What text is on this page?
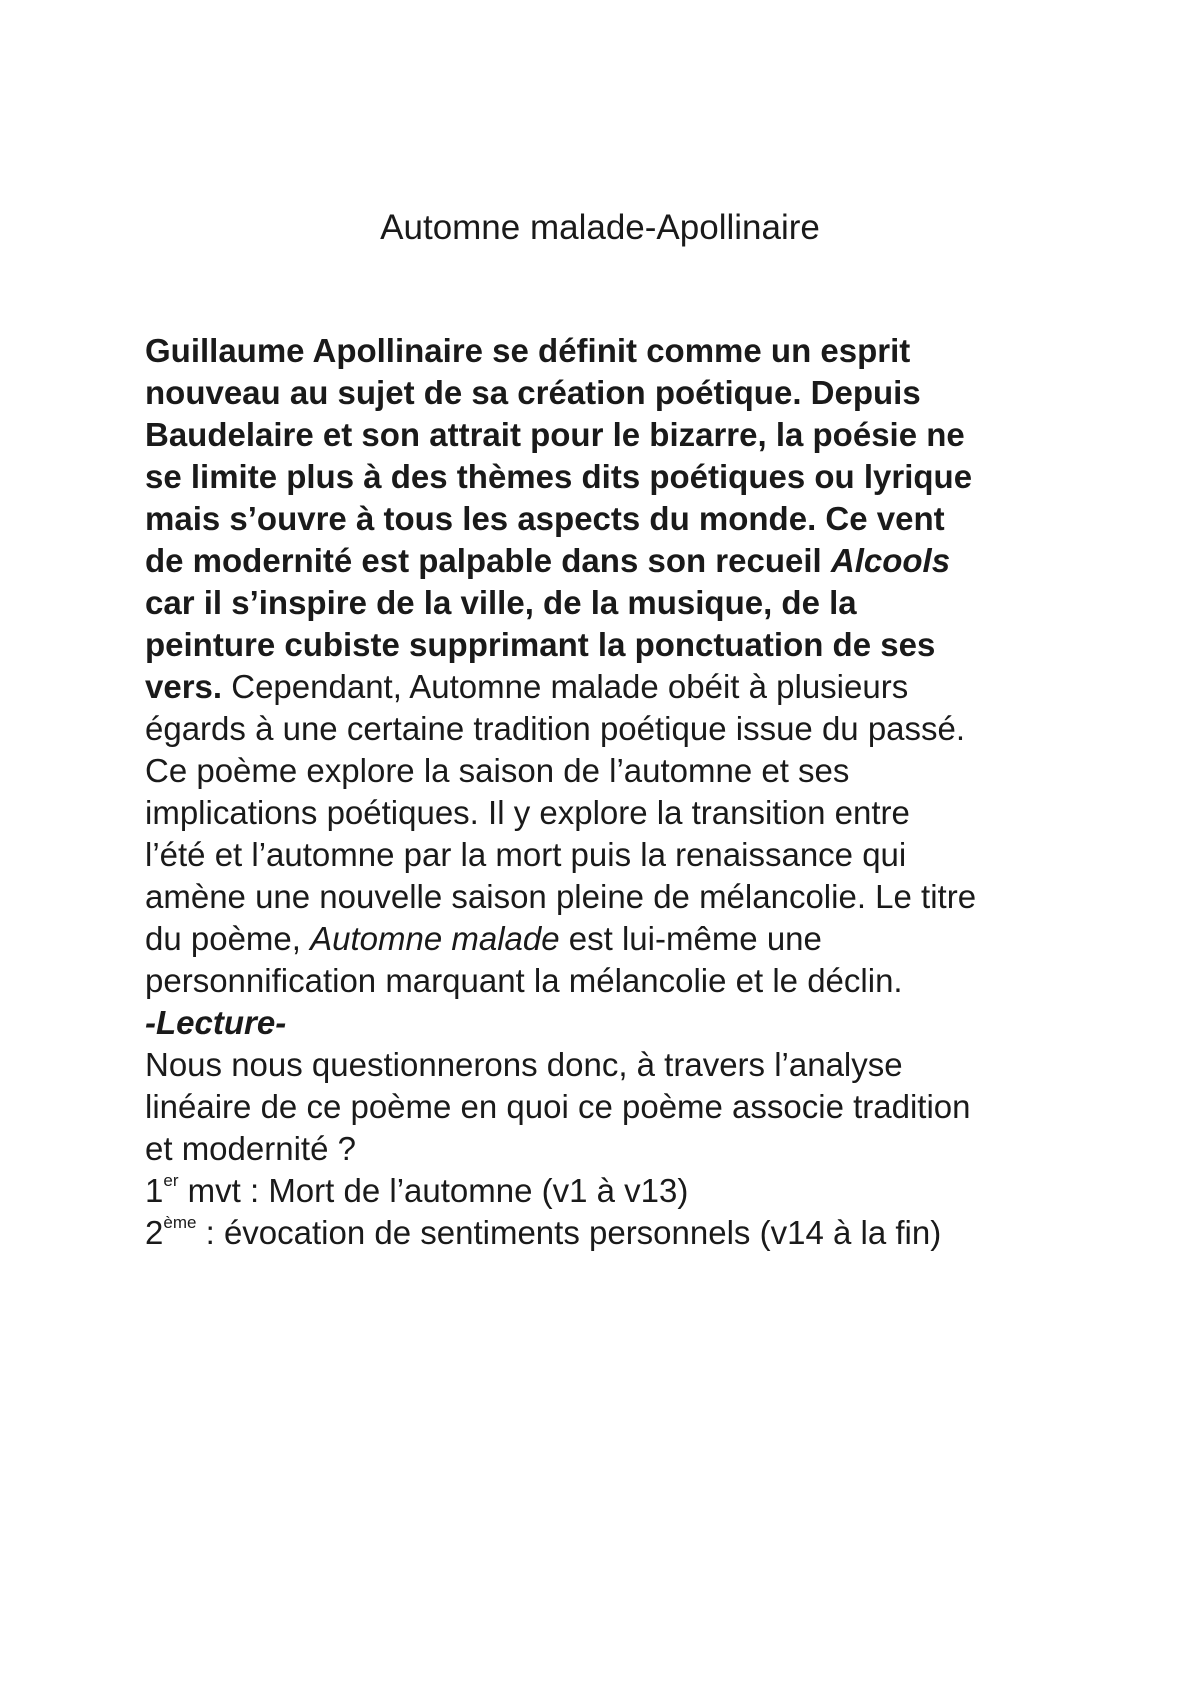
Automne malade-Apollinaire
Guillaume Apollinaire se définit comme un esprit
nouveau au sujet de sa création poétique. Depuis
Baudelaire et son attrait pour le bizarre, la poésie ne
se limite plus à des thèmes dits poétiques ou lyrique
mais s’ouvre à tous les aspects du monde. Ce vent
de modernité est palpable dans son recueil Alcools
car il s’inspire de la ville, de la musique, de la
peinture cubiste supprimant la ponctuation de ses
vers. Cependant, Automne malade obéit à plusieurs
égards à une certaine tradition poétique issue du passé.
Ce poème explore la saison de l’automne et ses
implications poétiques. Il y explore la transition entre
l’été et l’automne par la mort puis la renaissance qui
amène une nouvelle saison pleine de mélancolie. Le titre
du poème, Automne malade est lui-même une
personnification marquant la mélancolie et le déclin.
-Lecture-
Nous nous questionnerons donc, à travers l’analyse
linéaire de ce poème en quoi ce poème associe tradition
et modernité ?
1er mvt : Mort de l’automne (v1 à v13)
2ème : évocation de sentiments personnels (v14 à la fin)
